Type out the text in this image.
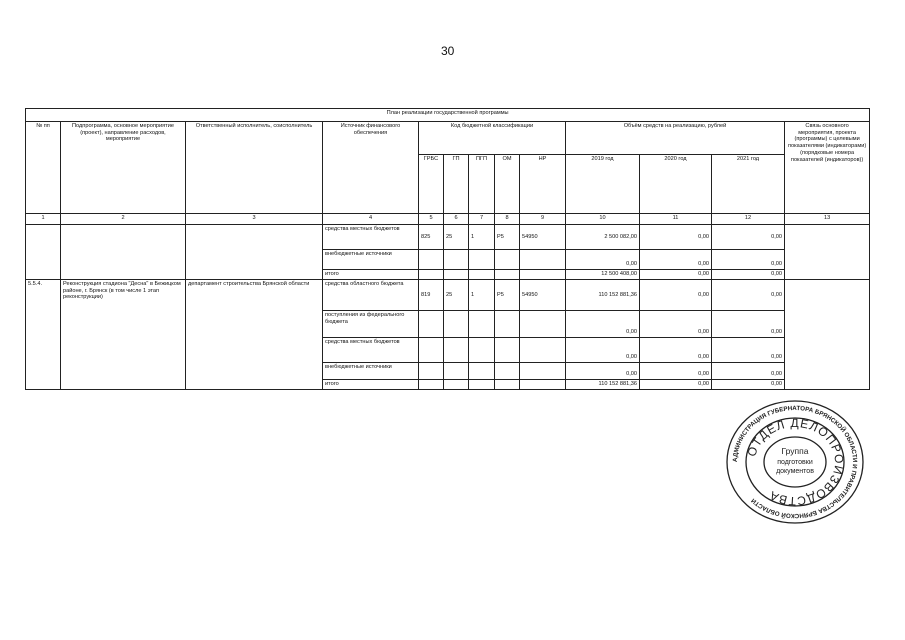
30
План реализации государственной программы												
№ пп	Подпрограмма, основное мероприятие (проект), направление расходов, мероприятие	Ответственный исполнитель, соисполнитель	Источник финансового обеспечения	Код бюджетной классификации					Объём средств на реализацию, рублей			Связь основного мероприятия, проекта (программы) с целевыми показателями (индикаторами) (порядковые номера показателей (индикаторов))
				ГРБС	ГП	ПГП	ОМ	НР	2019 год	2020 год	2021 год	
1	2	3	4	5	6	7	8	9	10	11	12	13
			средства местных бюджетов	825	25	1	P5	54950	2 500 082,00	0,00	0,00	
			внебюджетные источники						0,00	0,00	0,00	
			итого						12 500 408,00	0,00	0,00	
5.5.4.	Реконструкция стадиона "Десна" в Бежицком районе, г. Брянск (в том числе 1 этап реконструкции)	департамент строительства Брянской области	средства областного бюджета	819	25	1	P5	54950	110 152 881,36	0,00	0,00	
			поступления из федерального бюджета						0,00	0,00	0,00	
			средства местных бюджетов						0,00	0,00	0,00	
			внебюджетные источники						0,00	0,00	0,00	
			итого						110 152 881,36	0,00	0,00	
АДМИНИСТРАЦИЯ ГУБЕРНАТОРА БРЯНСКОЙ ОБЛАСТИ И ПРАВИТЕЛЬСТВА БРЯНСКОЙ ОБЛАСТИ
ОТДЕЛ ДЕЛОПРОИЗВОДСТВА
Группа
подготовки
документов
